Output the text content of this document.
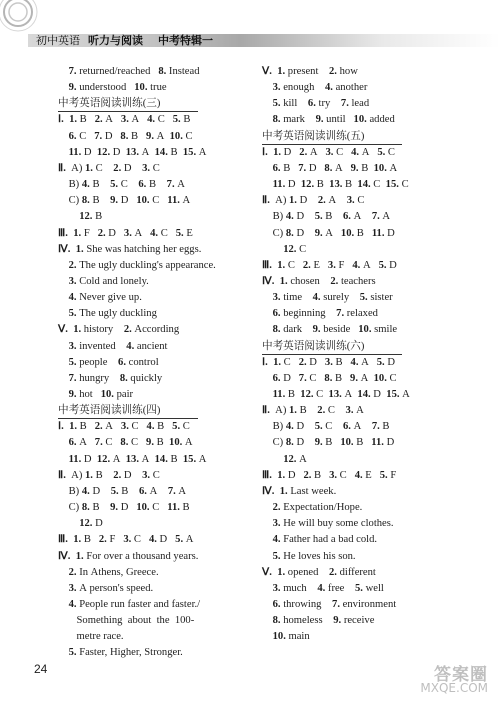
初中英语 听力与阅读 中考特辑一
7. returned/reached   8. Instead
9. understood   10. true
中考英语阅读训练(三)
Ⅰ. 1. B   2. A   3. A   4. C   5. B
6. C   7. D   8. B   9. A  10. C
11. D  12. D  13. A  14. B  15. A
Ⅱ.  A) 1. C    2. D    3. C
B) 4. B    5. C    6. B    7. A
C) 8. B    9. D   10. C   11. A
12. B
Ⅲ. 1. F   2. D   3. A   4. C   5. E
Ⅳ. 1. She was hatching her eggs.
2. The ugly duckling's appearance.
3. Cold and lonely.
4. Never give up.
5. The ugly duckling
Ⅴ. 1. history    2. According
3. invented    4. ancient
5. people    6. control
7. hungry    8. quickly
9. hot   10. pair
中考英语阅读训练(四)
Ⅰ. 1. B   2. A   3. C   4. B   5. C
6. A   7. C   8. C   9. B  10. A
11. D  12. A  13. A  14. B  15. A
Ⅱ.  A) 1. B    2. D    3. C
B) 4. D    5. B    6. A    7. A
C) 8. B    9. D   10. C   11. B
12. D
Ⅲ. 1. B   2. F   3. C   4. D   5. A
Ⅳ. 1. For over a thousand years.
2. In Athens, Greece.
3. A person's speed.
4. People run faster and faster./
Something  about  the  100-
metre race.
5. Faster, Higher, Stronger.
Ⅴ. 1. present    2. how
3. enough    4. another
5. kill    6. try    7. lead
8. mark    9. until   10. added
中考英语阅读训练(五)
Ⅰ. 1. D   2. A   3. C   4. A   5. C
6. B   7. D   8. A   9. B  10. A
11. D  12. B  13. B  14. C  15. C
Ⅱ.  A) 1. D    2. A    3. C
B) 4. D    5. B    6. A    7. A
C) 8. D    9. A   10. B   11. D
12. C
Ⅲ. 1. C   2. E   3. F   4. A   5. D
Ⅳ. 1. chosen    2. teachers
3. time    4. surely    5. sister
6. beginning    7. relaxed
8. dark    9. beside   10. smile
中考英语阅读训练(六)
Ⅰ. 1. C   2. D   3. B   4. A   5. D
6. D   7. C   8. B   9. A  10. C
11. B  12. C  13. A  14. D  15. A
Ⅱ.  A) 1. B    2. C    3. A
B) 4. D    5. C    6. A    7. B
C) 8. D    9. B   10. B   11. D
12. A
Ⅲ. 1. D   2. B   3. C   4. E   5. F
Ⅳ. 1. Last week.
2. Expectation/Hope.
3. He will buy some clothes.
4. Father had a bad cold.
5. He loves his son.
Ⅴ. 1. opened    2. different
3. much    4. free    5. well
6. throwing    7. environment
8. homeless    9. receive
10. main
24	答案圈
MXQE.COM
